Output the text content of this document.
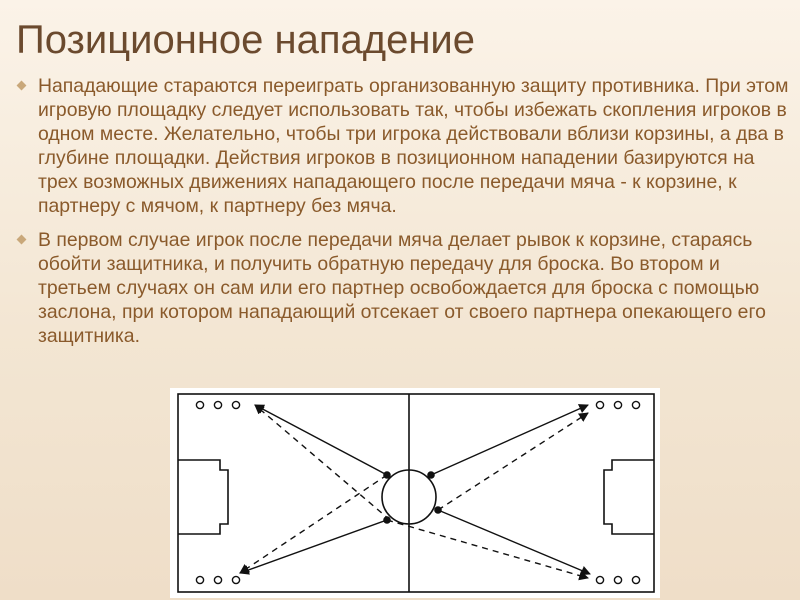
Позиционное нападение

Нападающие стараются переиграть организованную защиту противника. При этом игровую площадку следует использовать так, чтобы избежать скопления игроков в одном месте. Желательно, чтобы три игрока действовали вблизи корзины, а два в глубине площадки. Действия игроков в позиционном нападении базируются на трех возможных движениях нападающего после передачи мяча - к корзине, к партнеру с мячом, к партнеру без мяча.

В первом случае игрок после передачи мяча делает рывок к корзине, стараясь обойти защитника, и получить обратную передачу для броска. Во втором и третьем случаях он сам или его партнер освобождается для броска с помощью заслона, при котором нападающий отсекает от своего партнера опекающего его защитника.
